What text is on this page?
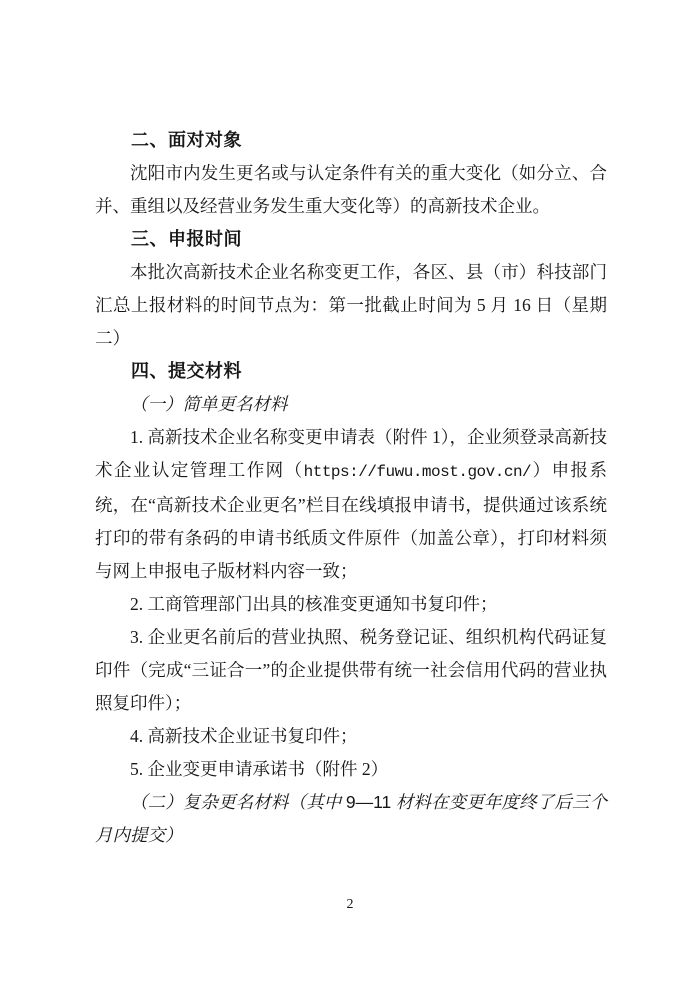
二、面对对象

沈阳市内发生更名或与认定条件有关的重大变化（如分立、合并、重组以及经营业务发生重大变化等）的高新技术企业。

三、申报时间

本批次高新技术企业名称变更工作，各区、县（市）科技部门汇总上报材料的时间节点为：第一批截止时间为 5 月 16 日（星期二）

四、提交材料

（一）简单更名材料

1. 高新技术企业名称变更申请表（附件 1），企业须登录高新技术企业认定管理工作网（https://fuwu.most.gov.cn/）申报系统，在“高新技术企业更名”栏目在线填报申请书，提供通过该系统打印的带有条码的申请书纸质文件原件（加盖公章），打印材料须与网上申报电子版材料内容一致；

2. 工商管理部门出具的核准变更通知书复印件；

3. 企业更名前后的营业执照、税务登记证、组织机构代码证复印件（完成“三证合一”的企业提供带有统一社会信用代码的营业执照复印件）；

4. 高新技术企业证书复印件；

5. 企业变更申请承诺书（附件 2）

（二）复杂更名材料（其中 9—11 材料在变更年度终了后三个月内提交）

2
